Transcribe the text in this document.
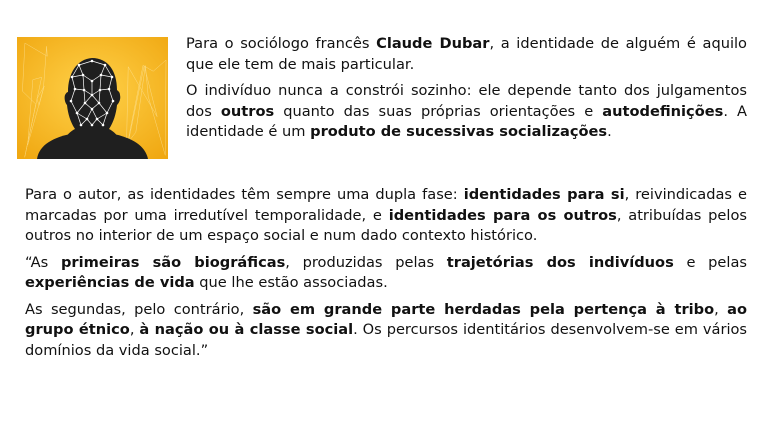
Para o sociólogo francês Claude Dubar, a identidade de alguém é aquilo que ele tem de mais particular.

O indivíduo nunca a constrói sozinho: ele depende tanto dos julgamentos dos outros quanto das suas próprias orientações e autodefinições. A identidade é um produto de sucessivas socializações.

Para o autor, as identidades têm sempre uma dupla fase: identidades para si, reivindicadas e marcadas por uma irredutível temporalidade, e identidades para os outros, atribuídas pelos outros no interior de um espaço social e num dado contexto histórico.

“As primeiras são biográficas, produzidas pelas trajetórias dos indivíduos e pelas experiências de vida que lhe estão associadas.

As segundas, pelo contrário, são em grande parte herdadas pela pertença à tribo, ao grupo étnico, à nação ou à classe social. Os percursos identitários desenvolvem-se em vários domínios da vida social.”
